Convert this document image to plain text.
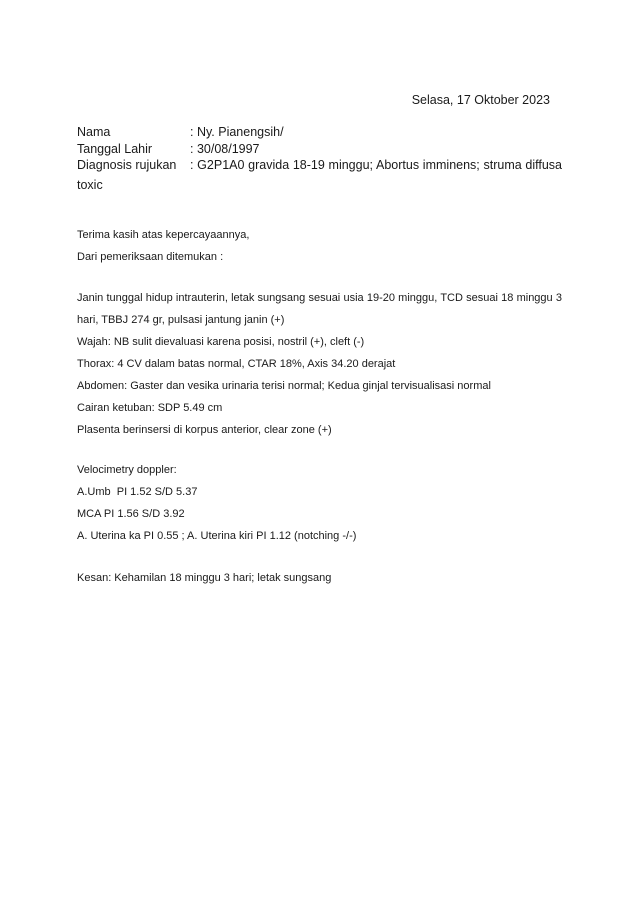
Selasa, 17 Oktober 2023
Nama	: Ny. Pianengsih/
Tanggal Lahir	: 30/08/1997
Diagnosis rujukan	: G2P1A0 gravida 18-19 minggu; Abortus imminens; struma diffusa
toxic

Terima kasih atas kepercayaannya,

Dari pemeriksaan ditemukan :

Janin tunggal hidup intrauterin, letak sungsang sesuai usia 19-20 minggu, TCD sesuai 18 minggu 3 hari, TBBJ 274 gr, pulsasi jantung janin (+)

Wajah: NB sulit dievaluasi karena posisi, nostril (+), cleft (-)

Thorax: 4 CV dalam batas normal, CTAR 18%, Axis 34.20 derajat

Abdomen: Gaster dan vesika urinaria terisi normal; Kedua ginjal tervisualisasi normal

Cairan ketuban: SDP 5.49 cm

Plasenta berinsersi di korpus anterior, clear zone (+)

Velocimetry doppler:

A.Umb  PI 1.52 S/D 5.37

MCA PI 1.56 S/D 3.92

A. Uterina ka PI 0.55 ; A. Uterina kiri PI 1.12 (notching -/-)

Kesan: Kehamilan 18 minggu 3 hari; letak sungsang
